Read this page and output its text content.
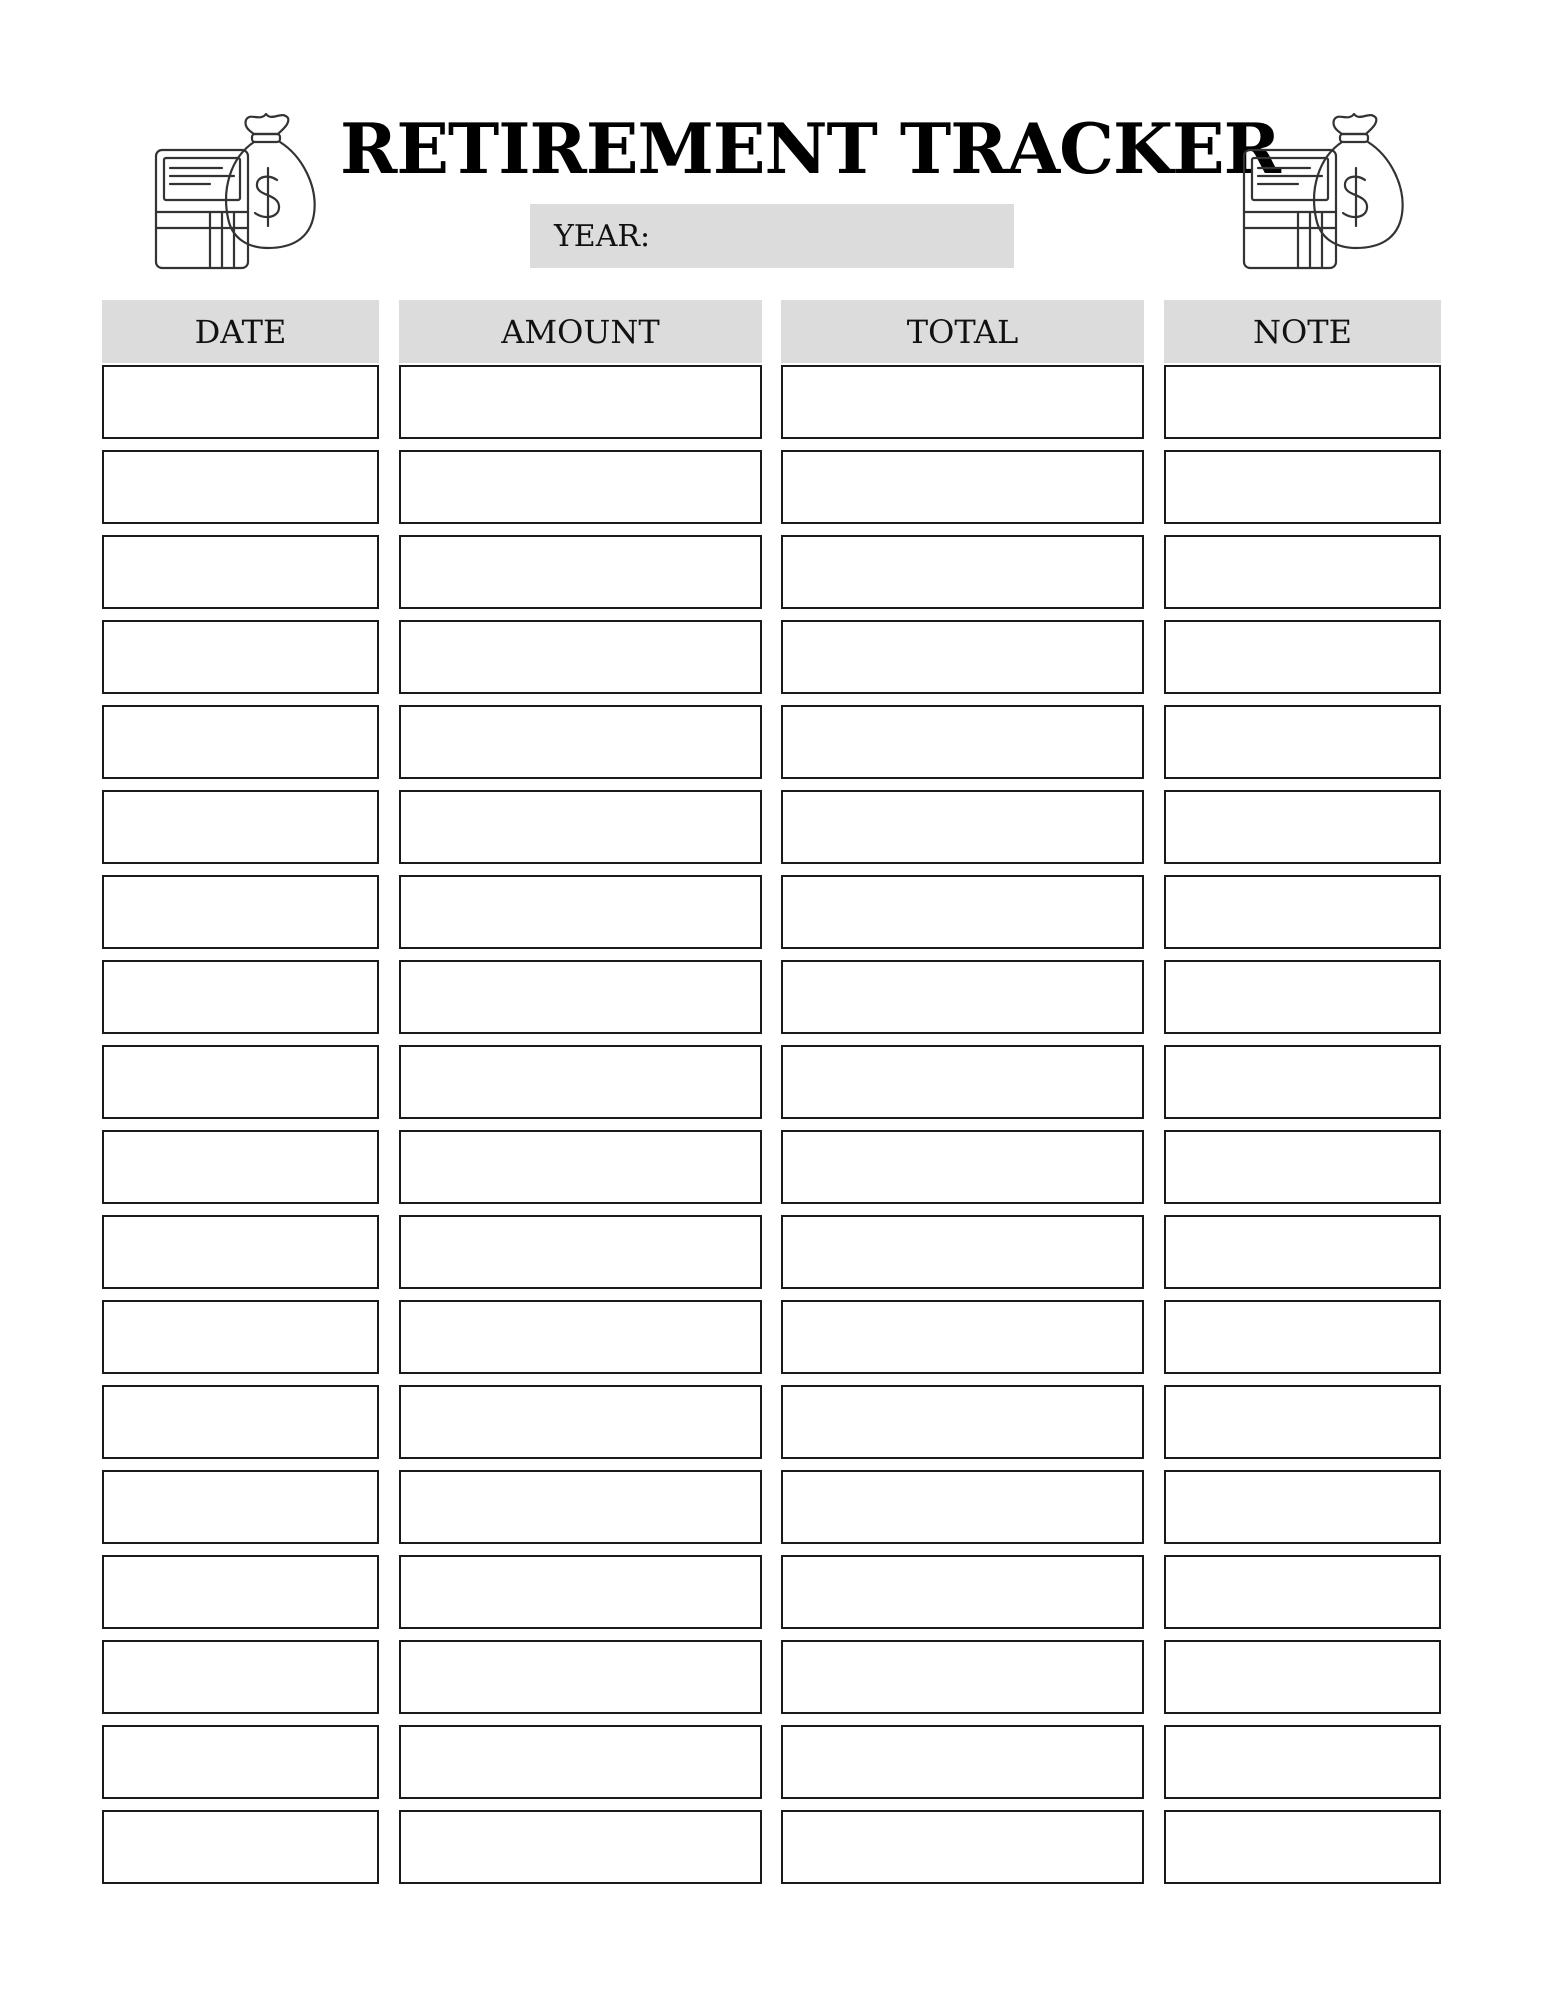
RETIREMENT TRACKER
YEAR:
DATE	AMOUNT	TOTAL	NOTE
